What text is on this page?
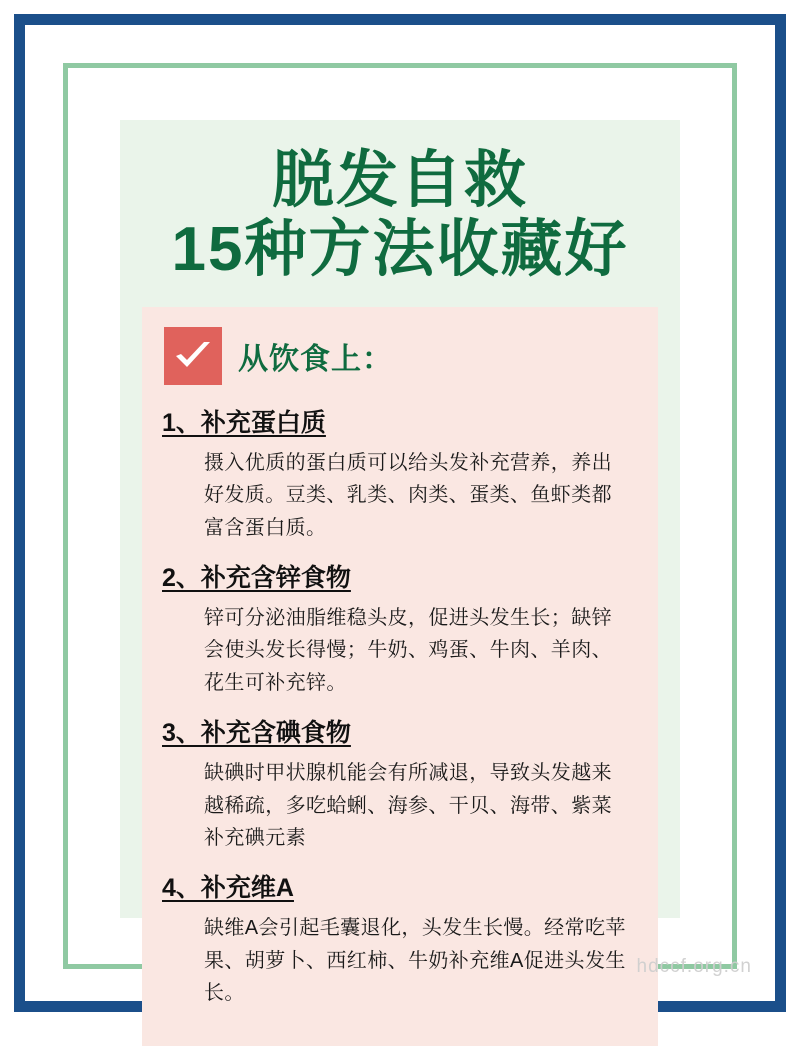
脱发自救
15种方法收藏好
从饮食上：
1、补充蛋白质
摄入优质的蛋白质可以给头发补充营养，养出好发质。豆类、乳类、肉类、蛋类、鱼虾类都富含蛋白质。
2、补充含锌食物
锌可分泌油脂维稳头皮，促进头发生长；缺锌会使头发长得慢；牛奶、鸡蛋、牛肉、羊肉、花生可补充锌。
3、补充含碘食物
缺碘时甲状腺机能会有所减退，导致头发越来越稀疏，多吃蛤蜊、海参、干贝、海带、紫菜补充碘元素
4、补充维A
缺维A会引起毛囊退化，头发生长慢。经常吃苹果、胡萝卜、西红柿、牛奶补充维A促进头发生长。
hdccf.org.cn
